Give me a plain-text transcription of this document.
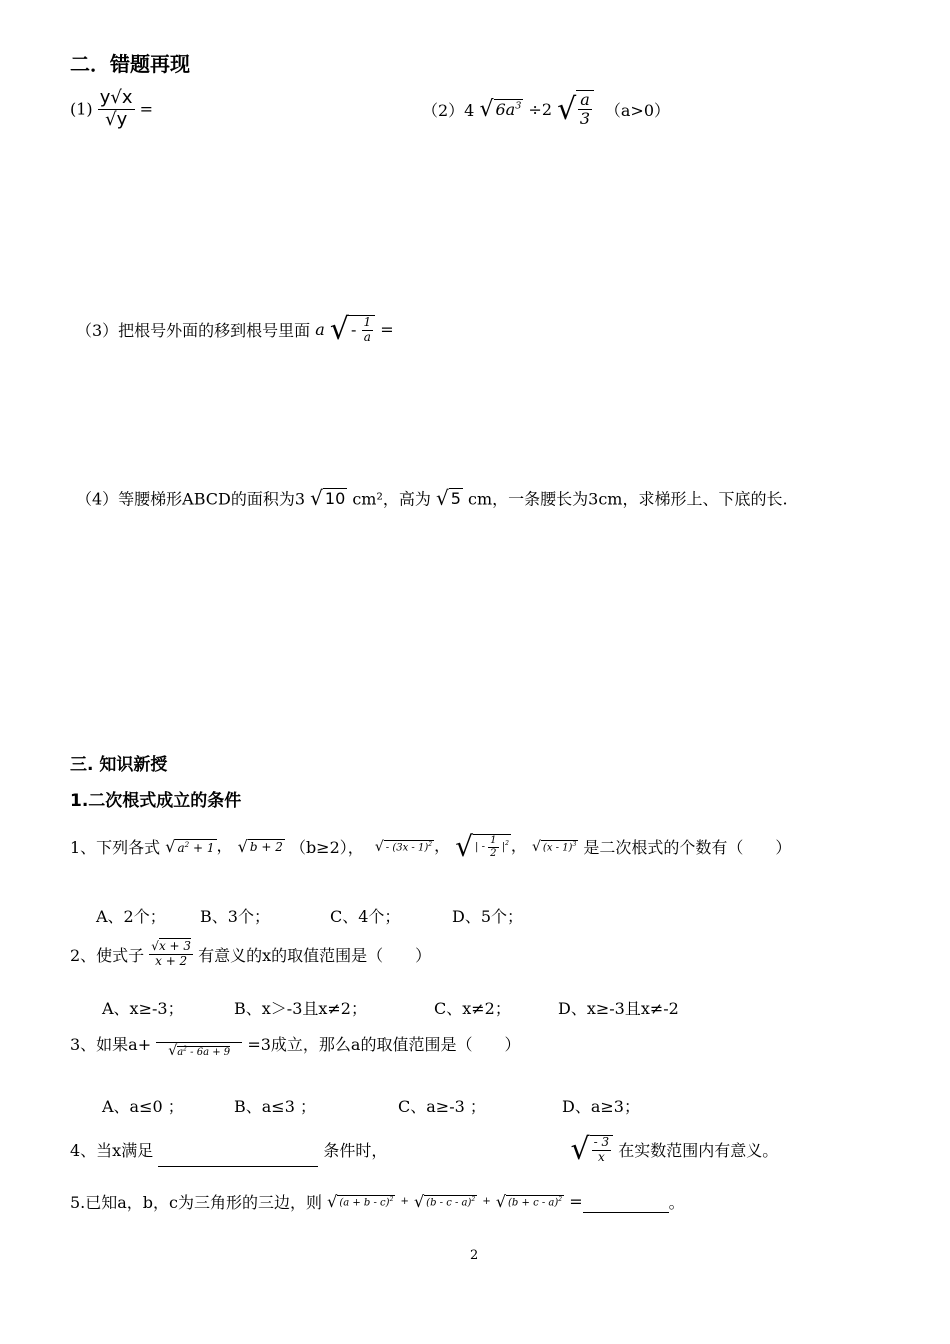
二．错题再现
$(1) \frac{y√x}{√y}$ =	（2）4 √ $6a^3 \div 2$ √ $\frac{a}{3} (a>0)$
（3）把根号外面的移到根号里面 a √ - $\frac{1}{a}$ =
（4）等腰梯形ABCD的面积为3 √ 10 cm²，高为 √ 5 cm，一条腰长为3cm，求梯形上、下底的长.
三. 知识新授
1.二次根式成立的条件
1、下列各式 √ $a^2 + 1$ ， √ b + 2 （b≥2）， √ - (3x - 1)$^2$ ， √ | - $\frac{1}{2} |^2$ ， √ (x - 1)$^3$ 是二次根式的个数有（　　）
A、2个； B、3个；	C、4个；	D、5个；
2、使式子 $\frac{√x + 3}{x + 2}$ 有意义的x的取值范围是（　　）
A、x≥-3；	B、x＞-3且x≠2；	C、x≠2；	D、x≥-3且x≠-2
3、如果a+	$√a^2 - 6a + 9$	=3成立，那么a的取值范围是（　　）
A、a≤0 ；	B、a≤3 ；	C、a≥-3 ；	D、a≥3；
4、当x满足	条件时，	√ $\frac{- 3}{x}$ 在实数范围内有意义。
5.已知a，b，c为三角形的三边，则 √ $(a + b - c)^2$ + √ (b - c - a)$^2$ + √ $(b + c - a)^2$ =	。
2
